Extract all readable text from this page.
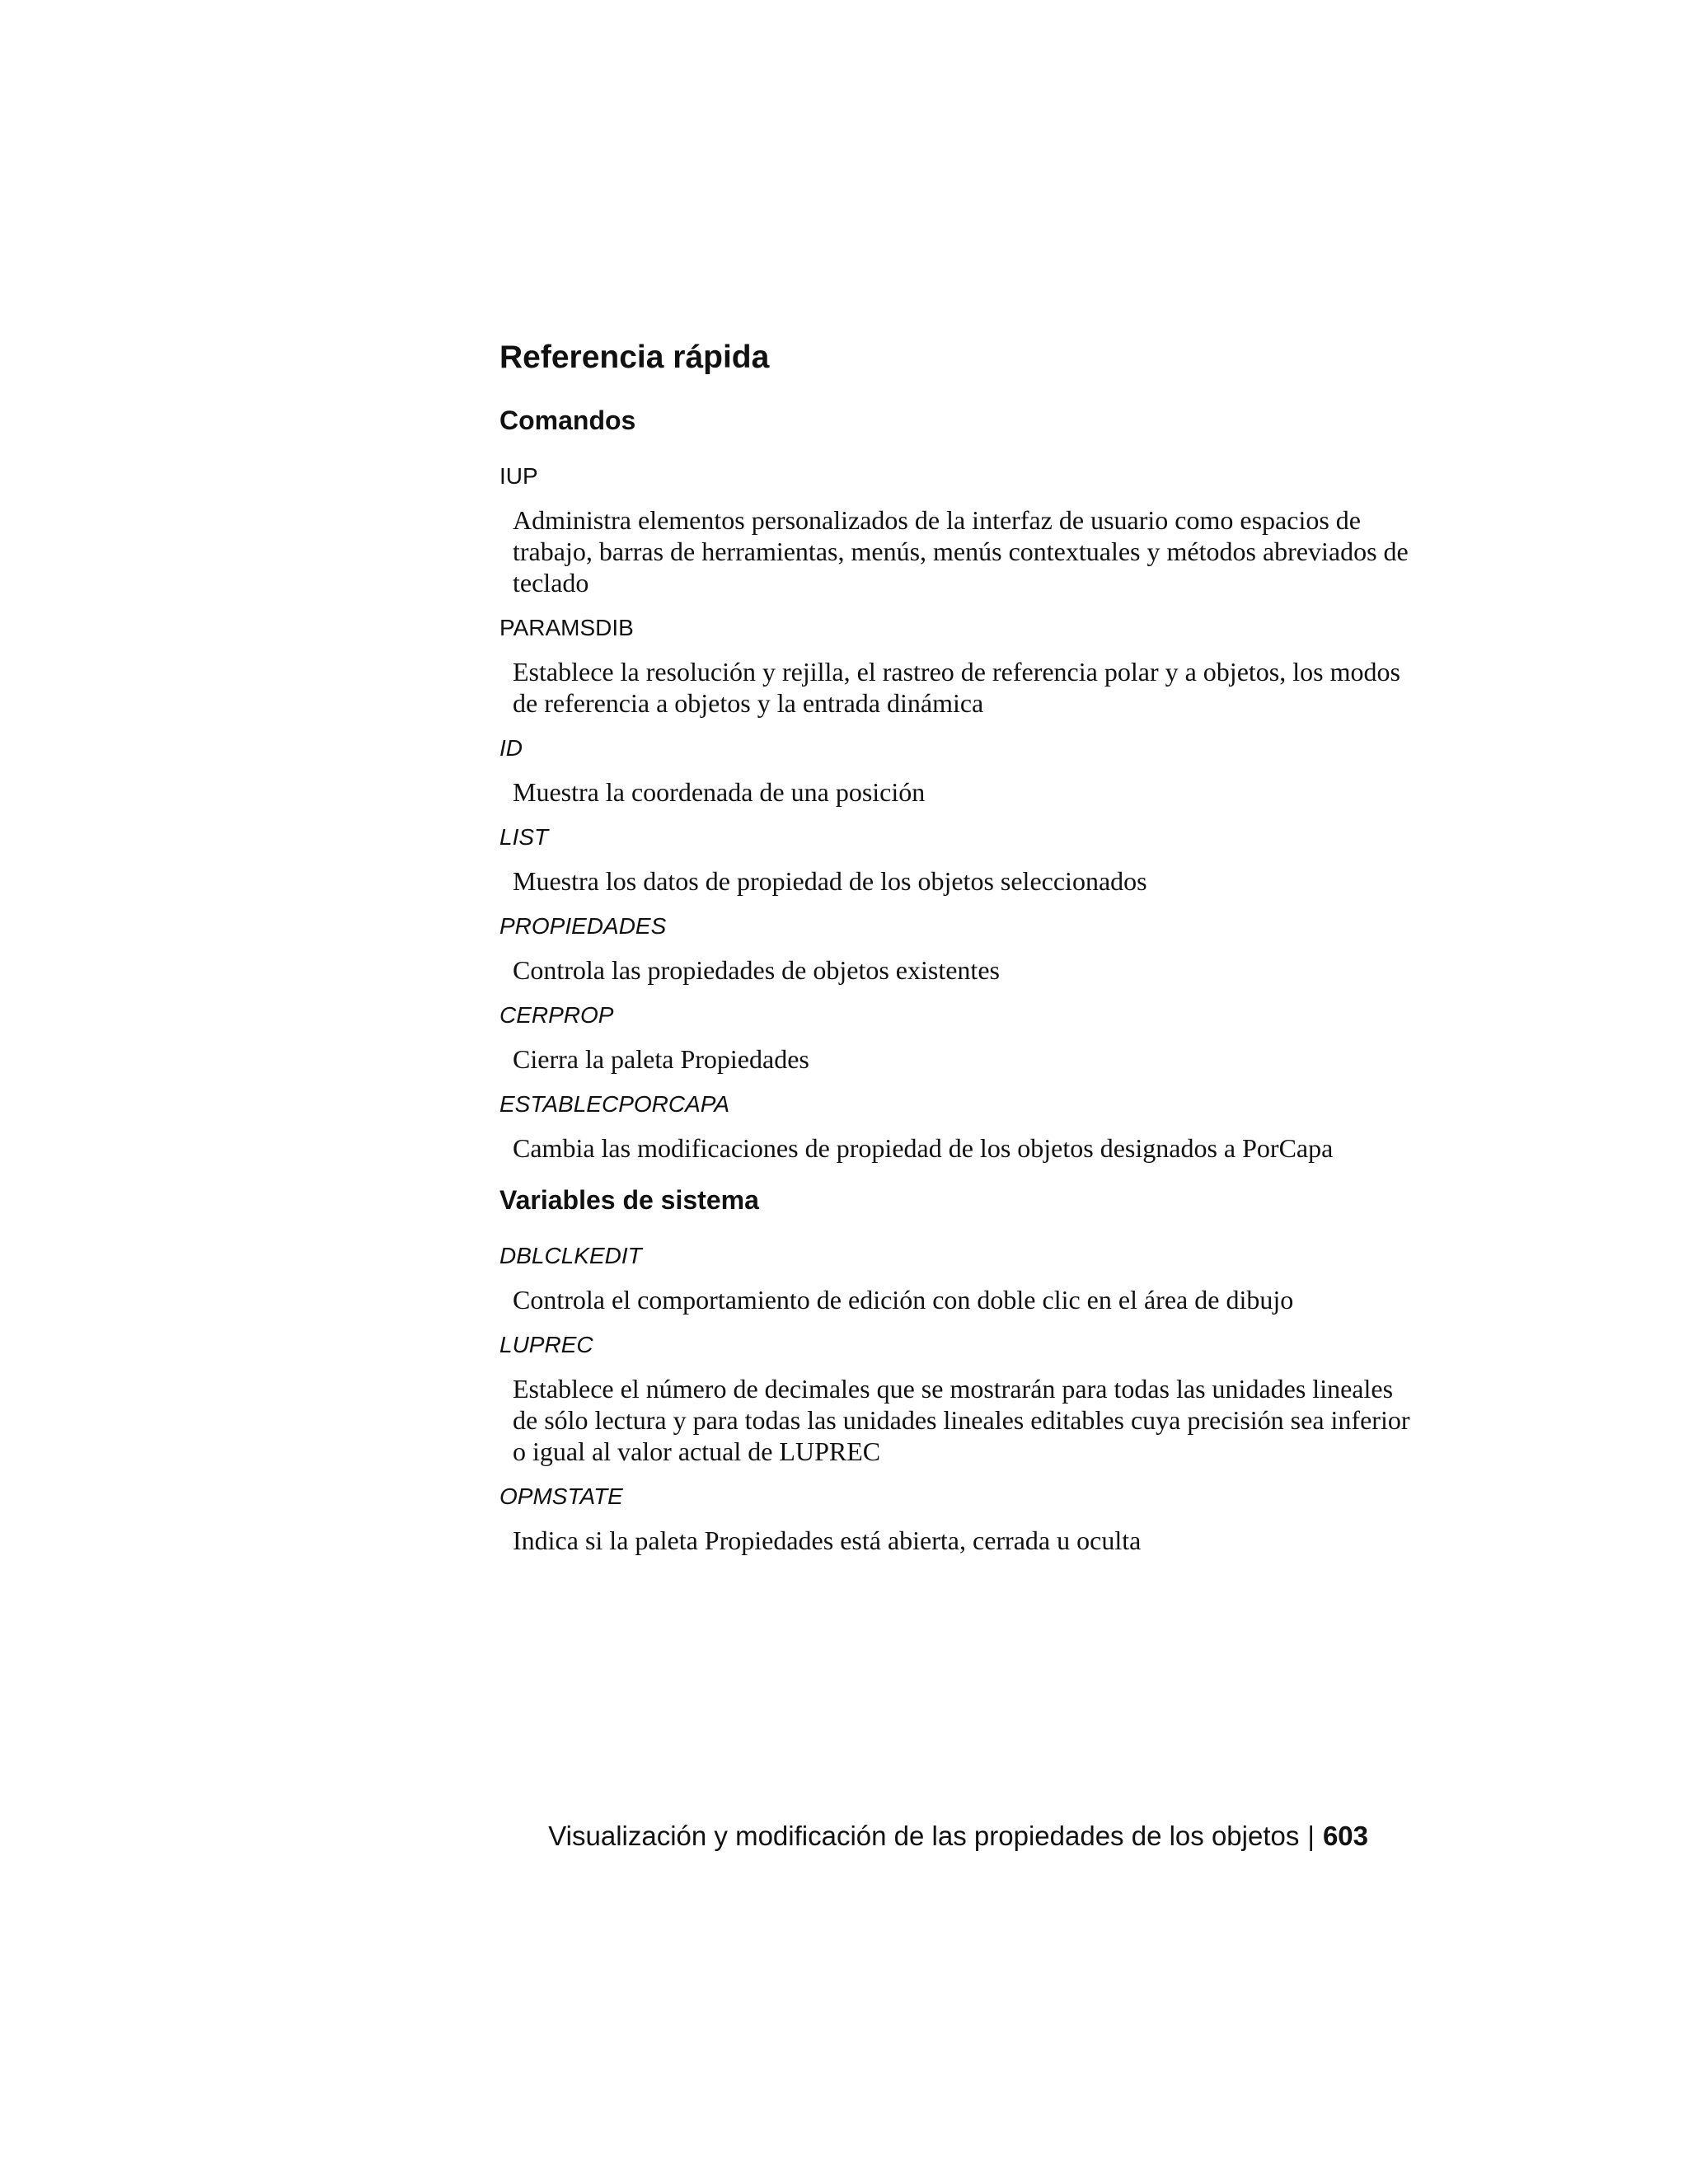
Referencia rápida
Comandos
IUP
Administra elementos personalizados de la interfaz de usuario como espacios de trabajo, barras de herramientas, menús, menús contextuales y métodos abreviados de teclado
PARAMSDIB
Establece la resolución y rejilla, el rastreo de referencia polar y a objetos, los modos de referencia a objetos y la entrada dinámica
ID
Muestra la coordenada de una posición
LIST
Muestra los datos de propiedad de los objetos seleccionados
PROPIEDADES
Controla las propiedades de objetos existentes
CERPROP
Cierra la paleta Propiedades
ESTABLECPORCAPA
Cambia las modificaciones de propiedad de los objetos designados a PorCapa
Variables de sistema
DBLCLKEDIT
Controla el comportamiento de edición con doble clic en el área de dibujo
LUPREC
Establece el número de decimales que se mostrarán para todas las unidades lineales de sólo lectura y para todas las unidades lineales editables cuya precisión sea inferior o igual al valor actual de LUPREC
OPMSTATE
Indica si la paleta Propiedades está abierta, cerrada u oculta
Visualización y modificación de las propiedades de los objetos | 603
